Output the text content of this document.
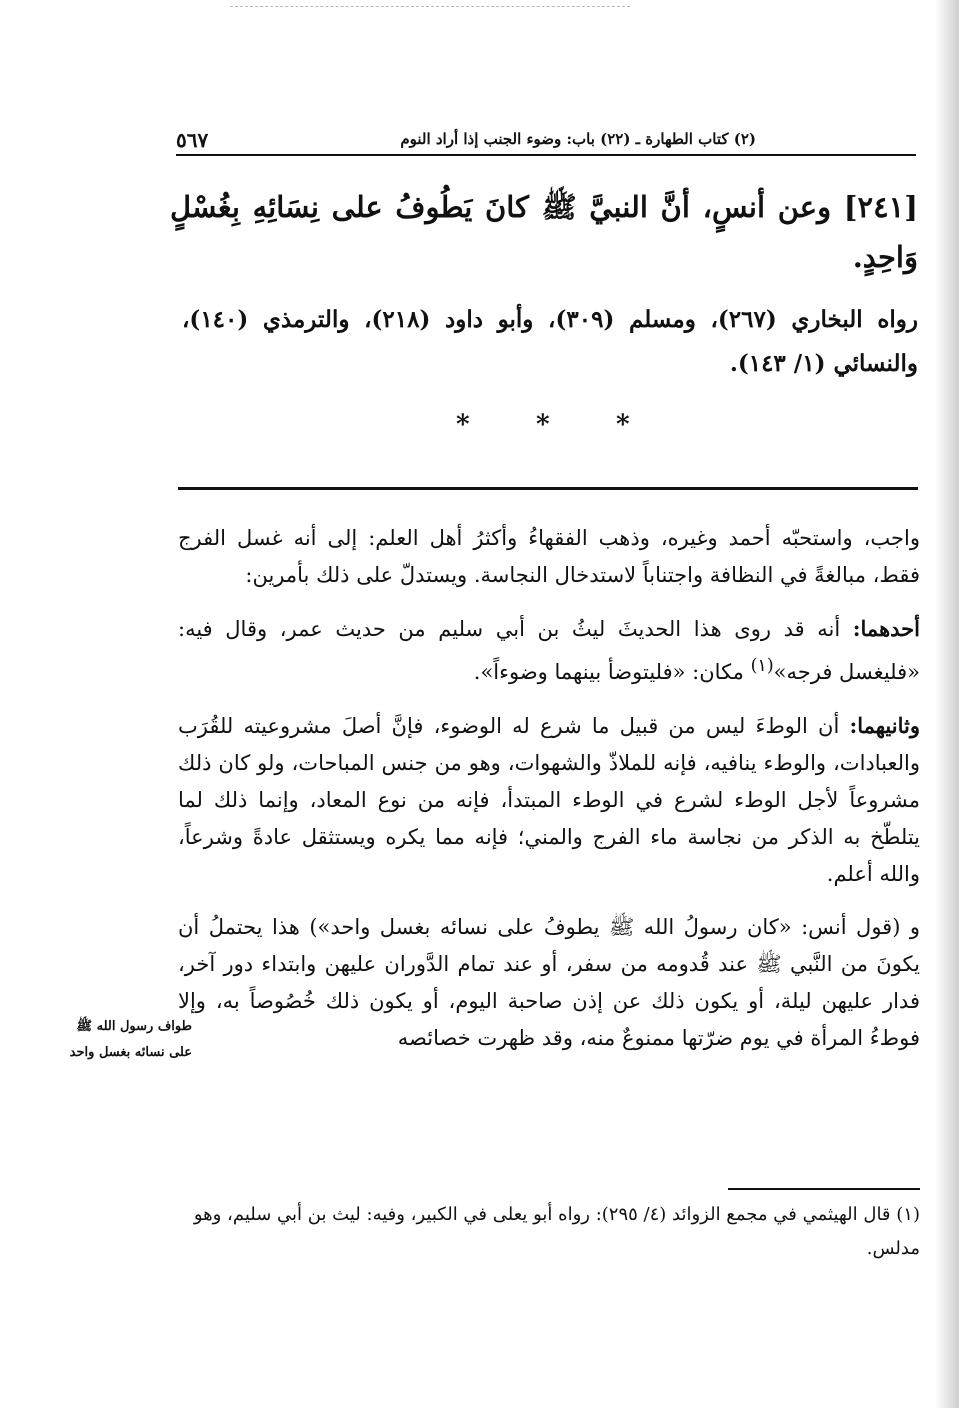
(٢) كتاب الطهارة ـ (٢٢) باب: وضوء الجنب إذا أراد النوم
٥٦٧
[٢٤١] وعن أنسٍ، أنَّ النبيَّ ﷺ كانَ يَطُوفُ على نِسَائِهِ بِغُسْلٍ وَاحِدٍ.
رواه البخاري (٢٦٧)، ومسلم (٣٠٩)، وأبو داود (٢١٨)، والترمذي (١٤٠)، والنسائي (١/ ١٤٣).
*	*	*

واجب، واستحبّه أحمد وغيره، وذهب الفقهاءُ وأكثرُ أهل العلم: إلى أنه غسل الفرج فقط، مبالغةً في النظافة واجتناباً لاستدخال النجاسة. ويستدلّ على ذلك بأمرين:

أحدهما: أنه قد روى هذا الحديثَ ليثُ بن أبي سليم من حديث عمر، وقال فيه: «فليغسل فرجه»$^{(١)}$ مكان: «فليتوضأ بينهما وضوءاً».

وثانيهما: أن الوطءَ ليس من قبيل ما شرع له الوضوء، فإنَّ أصلَ مشروعيته للقُرَب والعبادات، والوطء ينافيه، فإنه للملاذّ والشهوات، وهو من جنس المباحات، ولو كان ذلك مشروعاً لأجل الوطء لشرع في الوطء المبتدأ، فإنه من نوع المعاد، وإنما ذلك لما يتلطّخ به الذكر من نجاسة ماء الفرج والمني؛ فإنه مما يكره ويستثقل عادةً وشرعاً، والله أعلم.

و (قول أنس: «كان رسولُ الله ﷺ يطوفُ على نسائه بغسل واحد») هذا يحتملُ أن يكونَ من النَّبي ﷺ عند قُدومه من سفر، أو عند تمام الدَّوران عليهن وابتداء دور آخر، فدار عليهن ليلة، أو يكون ذلك عن إذن صاحبة اليوم، أو يكون ذلك خُصُوصاً به، وإلا فوطءُ المرأة في يوم ضرّتها ممنوعٌ منه، وقد ظهرت خصائصه

طواف رسول الله ﷺ على نسائه بغسل واحد
(١) قال الهيثمي في مجمع الزوائد (٤/ ٢٩٥): رواه أبو يعلى في الكبير، وفيه: ليث بن أبي سليم، وهو مدلس.
